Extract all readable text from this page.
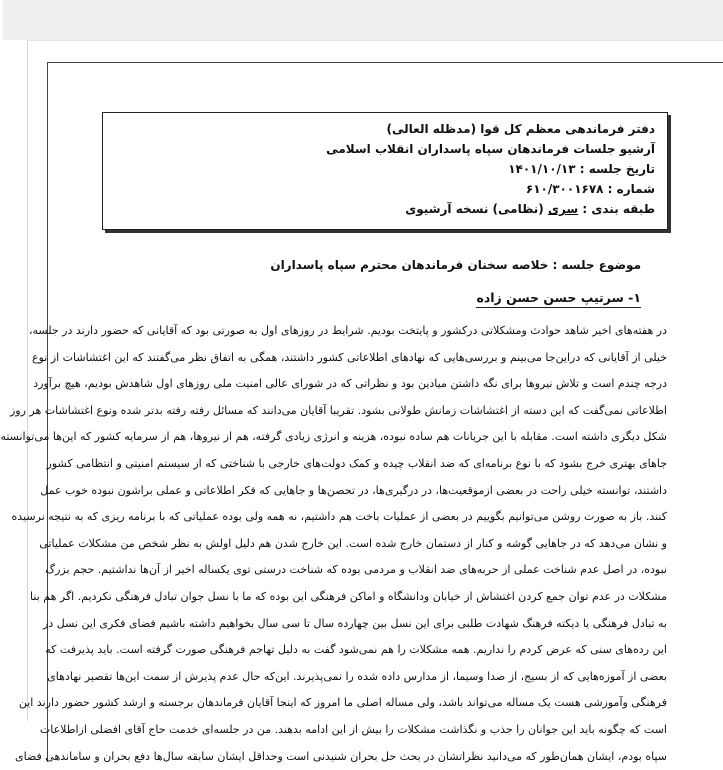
دفتر فرماندهی معظم کل قوا (مدظله العالی)
آرشیو جلسات فرماندهان سپاه پاسداران انقلاب اسلامی
تاریخ جلسه : ۱۴۰۱/۱۰/۱۳
شماره : ۶۱۰/۳۰۰۱۶۷۸
طبقه بندی : سری (نظامی) نسخه آرشیوی
موضوع جلسه : خلاصه سخنان فرماندهان محترم سپاه پاسداران
۱- سرتیپ حسن حسن زاده
در هفته‌های اخیر شاهد حوادث ومشکلاتی درکشور و پایتخت بودیم. شرایط در روزهای اول به صورتی بود که آقایانی که حضور دارند در جلسه،
خیلی از آقایانی که دراین‌جا می‌بینم و بررسی‌هایی که نهادهای اطلاعاتی کشور داشتند، همگی به اتفاق نظر می‌گفتند که این اغتشاشات از نوع
درجه چندم است و تلاش نیروها برای نگه داشتن میادین بود و نظراتی که در شورای عالی امنیت ملی روزهای اول شاهدش بودیم، هیچ برآورد
اطلاعاتی نمی‌گفت که این دسته از اغتشاشات زمانش طولانی بشود. تقریبا آقایان می‌دانند که مسائل رفته رفته بدتر شده ونوع اغتشاشات هر روز
شکل دیگری داشته است. مقابله با این جریانات هم ساده نبوده، هزینه و انرژی زیادی گرفته، هم از نیروها، هم از سرمایه کشور که این‌ها می‌توانسته
جاهای بهتری خرج بشود که با نوع برنامه‌ای که ضد انقلاب چیده و کمک دولت‌های خارجی با شناختی که از سیستم امنیتی و انتظامی کشور
داشتند، توانسته خیلی راحت در بعضی ازموقعیت‌ها، در درگیری‌ها، در تحصن‌ها و جاهایی که فکر اطلاعاتی و عملی براشون نبوده خوب عمل
کنند. باز به صورت روشن می‌توانیم بگوییم در بعضی از عملیات باخت هم داشتیم، نه همه ولی بوده عملیاتی که با برنامه ریزی که به نتیجه نرسیده
و نشان می‌دهد که در جاهایی گوشه و کنار از دستمان خارج شده است. این خارج شدن هم دلیل اولش به نظر شخص من مشکلات عملیاتی
نبوده، در اصل عدم شناخت عملی از حربه‌های ضد انقلاب و مردمی بوده که شناخت درستی توی یکساله اخیر از آن‌ها نداشتیم. حجم بزرگ
مشکلات در عدم توان جمع کردن اغتشاش از خیابان ودانشگاه و اماکن فرهنگی این بوده که ما با نسل جوان تبادل فرهنگی نکردیم. اگر هم بنا
به تبادل فرهنگی یا دیکته فرهنگ شهادت طلبی برای این نسل بین چهارده سال تا سی سال بخواهیم داشته باشیم فضای فکری این نسل در
این رده‌های سنی که عرض کردم را نداریم. همه مشکلات را هم نمی‌شود گفت به دلیل تهاجم فرهنگی صورت گرفته است. باید پذیرفت که
بعضی از آموزه‌هایی که از بسیج، از صدا وسیما، از مدارس داده شده را نمی‌پذیرند. این‌که حال عدم پذیرش از سمت این‌ها تقصیر نهادهای
فرهنگی وآموزشی هست یک مساله می‌تواند باشد، ولی مساله اصلی ما امروز که اینجا آقایان فرماندهان برجسته و ارشد کشور حضور دارند این
است که چگونه باید این جوانان را جذب و نگذاشت مشکلات را بیش از این ادامه بدهند. من در جلسه‌ای خدمت حاج آقای افضلی ازاطلاعات
سپاه بودم، ایشان همان‌طور که می‌دانید نظراتشان در بحث حل بحران شنیدنی است وحداقل ایشان سابقه سال‌ها دفع بحران و ساماندهی فضای
